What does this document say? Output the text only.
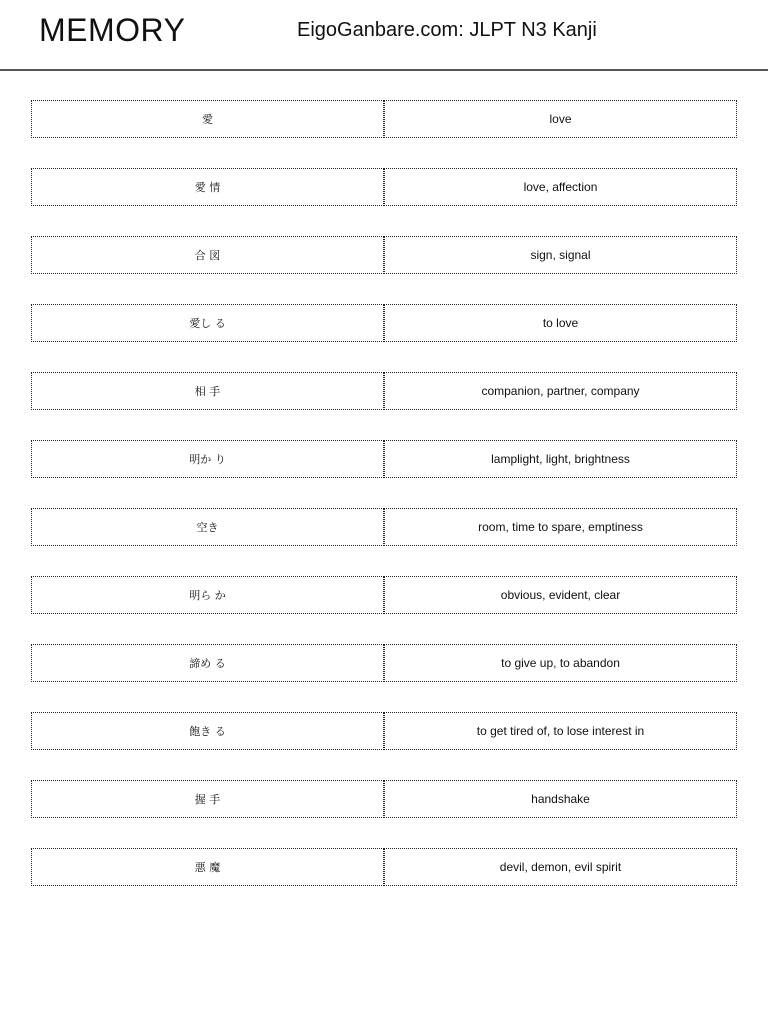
MEMORY	EigoGanbare.com: JLPT N3 Kanji
愛	love
愛 情	love, affection
合 図	sign, signal
愛し る	to love
相 手	companion, partner, company
明か り	lamplight, light, brightness
空き	room, time to spare, emptiness
明ら か	obvious, evident, clear
諦め る	to give up, to abandon
飽き る	to get tired of, to lose interest in
握 手	handshake
悪 魔	devil, demon, evil spirit
